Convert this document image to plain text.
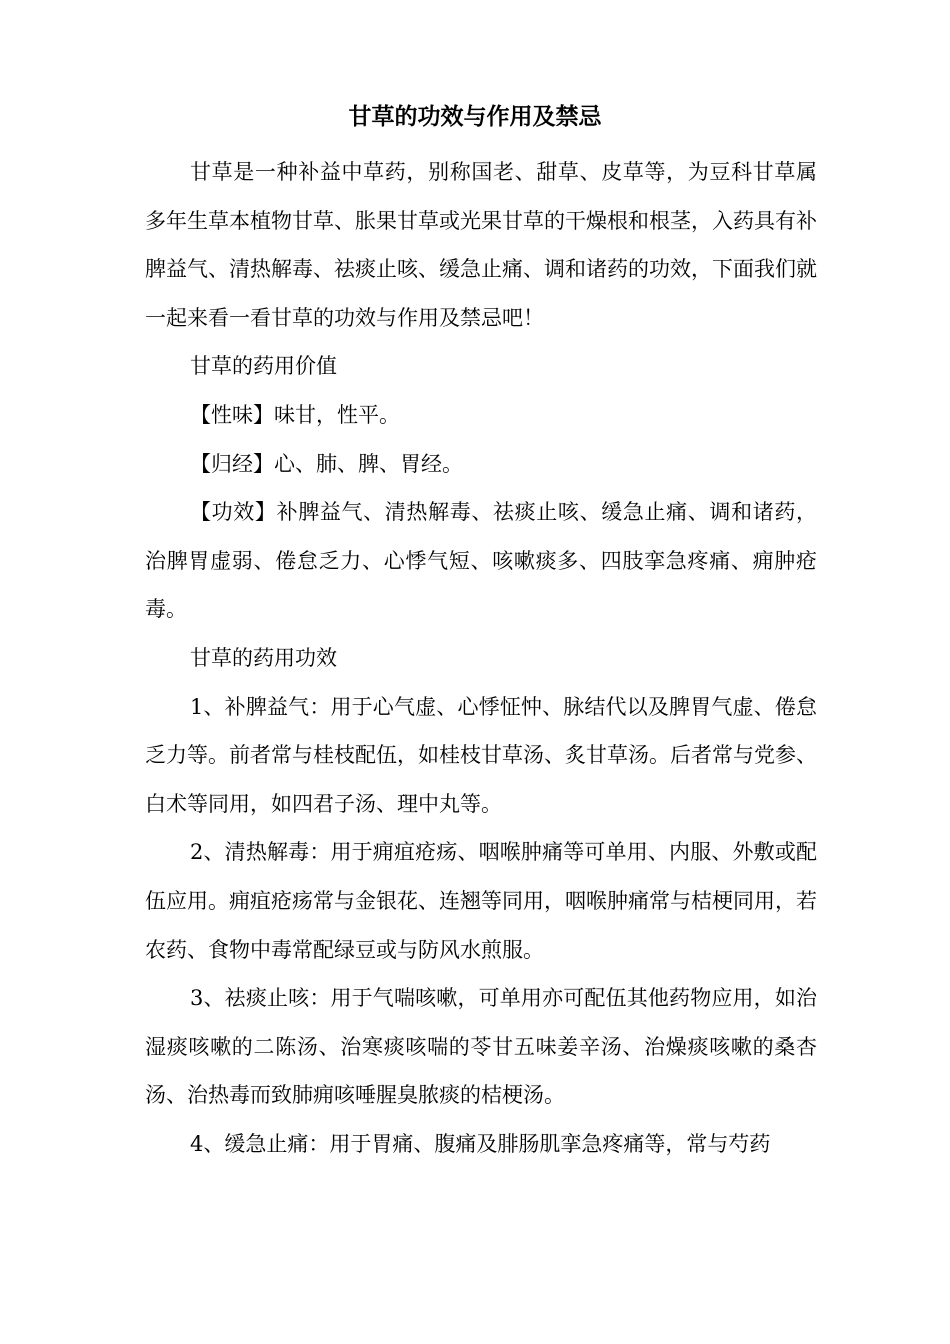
甘草的功效与作用及禁忌

甘草是一种补益中草药，别称国老、甜草、皮草等，为豆科甘草属多年生草本植物甘草、胀果甘草或光果甘草的干燥根和根茎，入药具有补脾益气、清热解毒、祛痰止咳、缓急止痛、调和诸药的功效，下面我们就一起来看一看甘草的功效与作用及禁忌吧！

甘草的药用价值

【性味】味甘，性平。

【归经】心、肺、脾、胃经。

【功效】补脾益气、清热解毒、祛痰止咳、缓急止痛、调和诸药，治脾胃虚弱、倦怠乏力、心悸气短、咳嗽痰多、四肢挛急疼痛、痈肿疮毒。

甘草的药用功效

1、补脾益气：用于心气虚、心悸怔忡、脉结代以及脾胃气虚、倦怠乏力等。前者常与桂枝配伍，如桂枝甘草汤、炙甘草汤。后者常与党参、白术等同用，如四君子汤、理中丸等。

2、清热解毒：用于痈疽疮疡、咽喉肿痛等可单用、内服、外敷或配伍应用。痈疽疮疡常与金银花、连翘等同用，咽喉肿痛常与桔梗同用，若农药、食物中毒常配绿豆或与防风水煎服。

3、祛痰止咳：用于气喘咳嗽，可单用亦可配伍其他药物应用，如治湿痰咳嗽的二陈汤、治寒痰咳喘的苓甘五味姜辛汤、治燥痰咳嗽的桑杏汤、治热毒而致肺痈咳唾腥臭脓痰的桔梗汤。

4、缓急止痛：用于胃痛、腹痛及腓肠肌挛急疼痛等，常与芍药
